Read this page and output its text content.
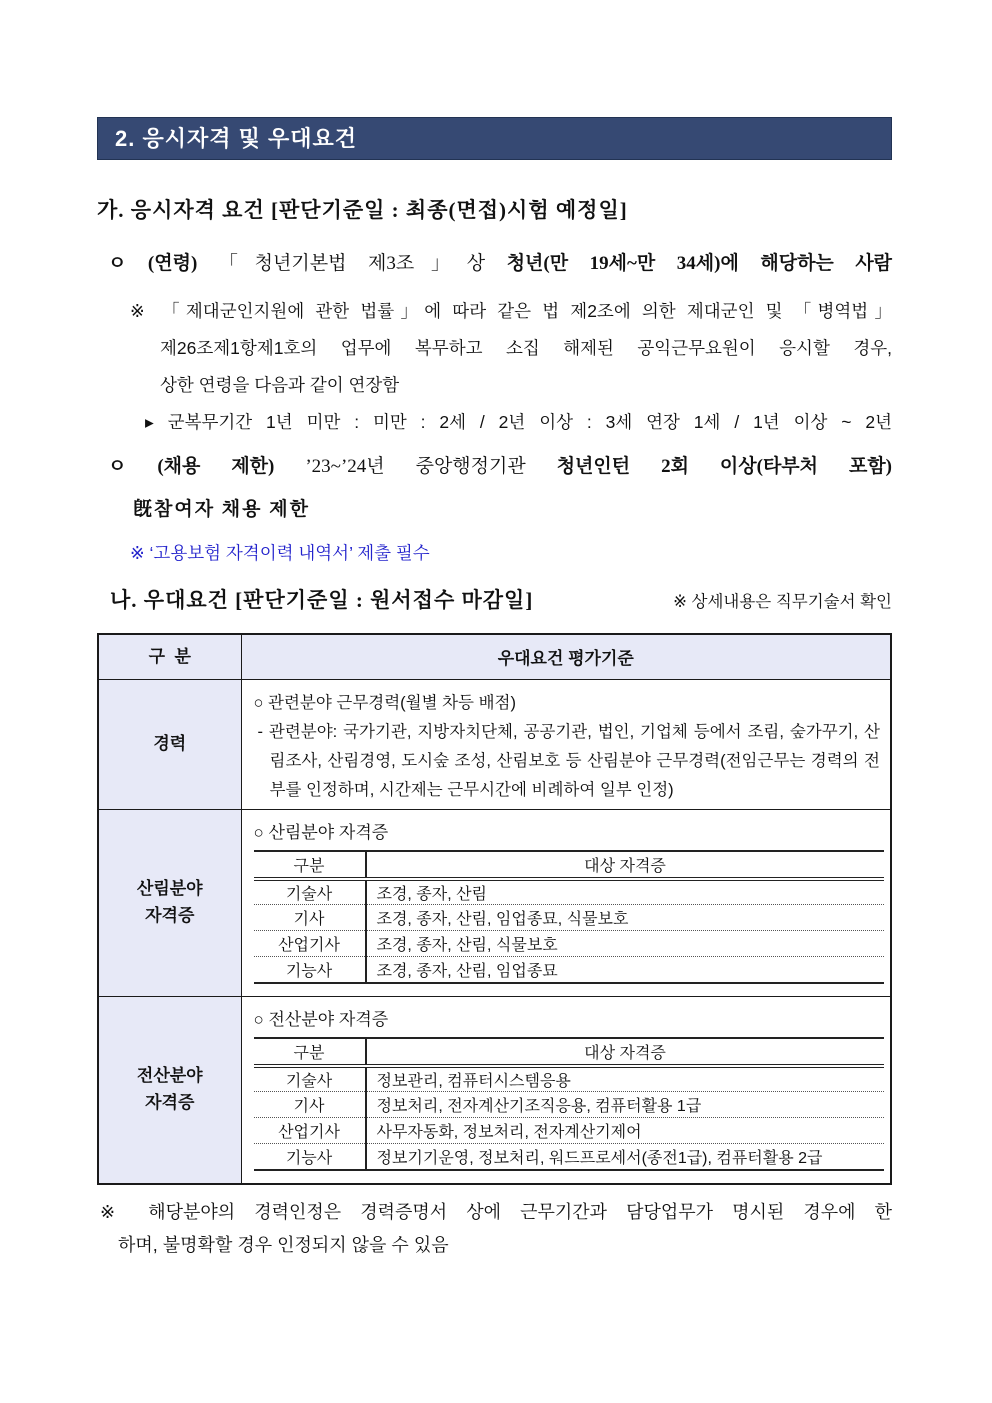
2. 응시자격 및 우대요건
가. 응시자격 요건 [판단기준일 : 최종(면접)시험 예정일]
ㅇ (연령) 「청년기본법 제3조」상 청년(만 19세~만 34세)에 해당하는 사람
※ 「제대군인지원에 관한 법률」에 따라 같은 법 제2조에 의한 제대군인 및 「병역법」
제26조제1항제1호의 업무에 복무하고 소집 해제된 공익근무요원이 응시할 경우,
상한 연령을 다음과 같이 연장함
▸ 군복무기간 1년 미만 : 미만 : 2세 / 2년 이상 : 3세 연장 1세 / 1년 이상 ~ 2년
ㅇ (채용 제한) ’23~’24년 중앙행정기관 청년인턴 2회 이상(타부처 포함)
旣참여자 채용 제한
※ ‘고용보험 자격이력 내역서’ 제출 필수
나. 우대요건 [판단기준일 : 원서접수 마감일]	※ 상세내용은 직무기술서 확인
구  분	우대요건 평가기준
경력	
○ 관련분야 근무경력(월별 차등 배점)
- 관련분야: 국가기관, 지방자치단체, 공공기관, 법인, 기업체 등에서 조림, 숲가꾸기, 산림조사, 산림경영, 도시숲 조성, 산림보호 등 산림분야 근무경력(전임근무는 경력의 전부를 인정하며, 시간제는 근무시간에 비례하여 일부 인정)

산림분야
자격증

○ 산림분야 자격증
구분	대상 자격증
기술사	조경, 종자, 산림
기사	조경, 종자, 산림, 임업종묘, 식물보호
산업기사	조경, 종자, 산림, 식물보호
기능사	조경, 종자, 산림, 임업종묘

전산분야
자격증

○ 전산분야 자격증
구분	대상 자격증
기술사	정보관리, 컴퓨터시스템응용
기사	정보처리, 전자계산기조직응용, 컴퓨터활용 1급
산업기사	사무자동화, 정보처리, 전자계산기제어
기능사	정보기기운영, 정보처리, 워드프로세서(종전1급), 컴퓨터활용 2급
※ 해당분야의 경력인정은 경력증명서 상에 근무기간과 담당업무가 명시된 경우에 한
하며, 불명확할 경우 인정되지 않을 수 있음
